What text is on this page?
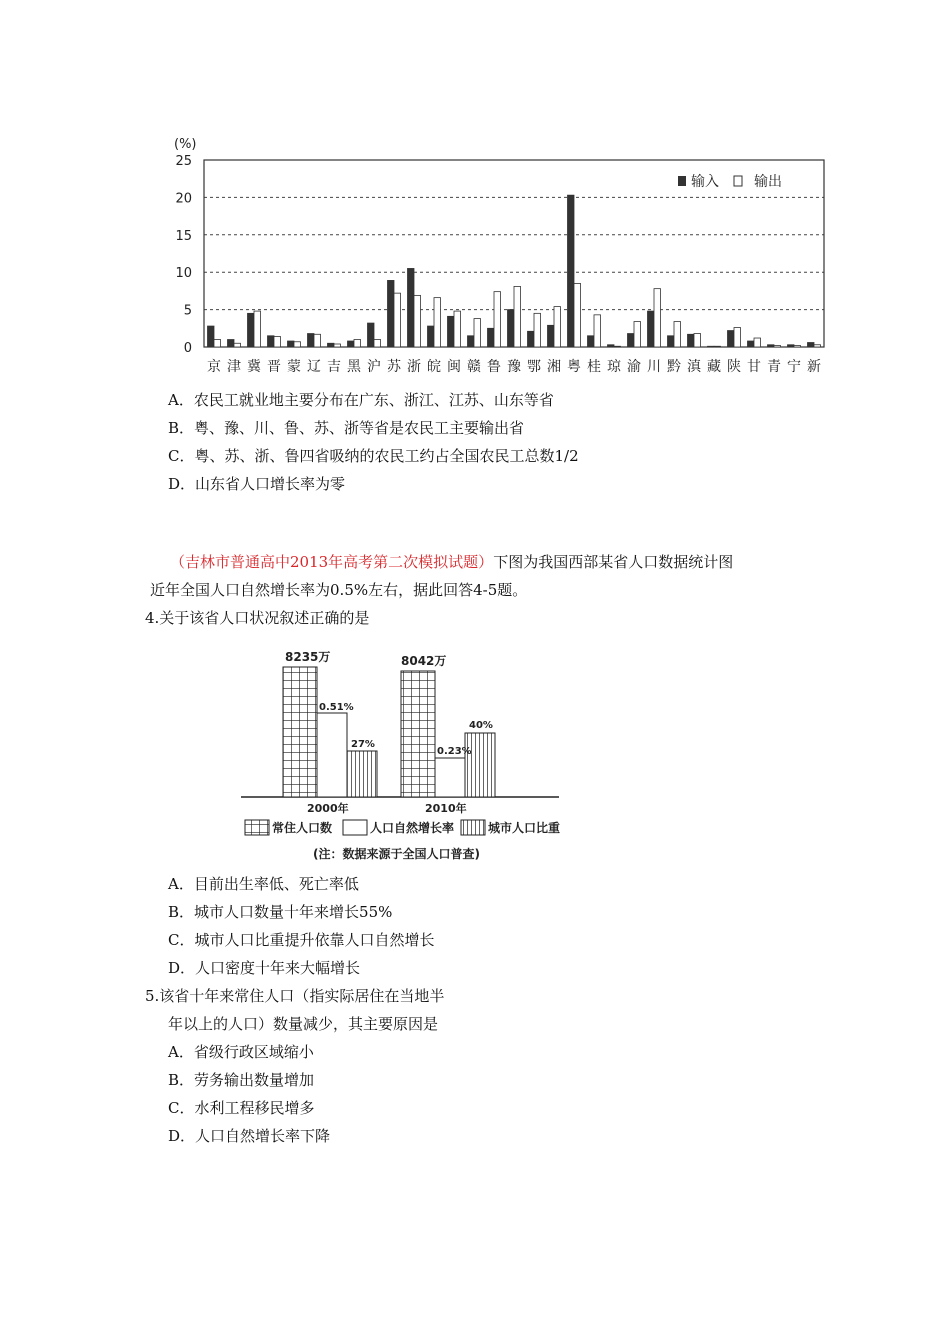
(%)
0
5
10
15
20
25
京 津 冀 晋 蒙 辽 吉 黑 沪 苏 浙 皖 闽 赣 鲁 豫 鄂 湘 粤 桂 琼 渝 川 黔 滇 藏 陕 甘 青 宁 新
输入	输出
A．农民工就业地主要分布在广东、浙江、江苏、山东等省
B．粤、豫、川、鲁、苏、浙等省是农民工主要输出省
C．粤、苏、浙、鲁四省吸纳的农民工约占全国农民工总数1/2
D．山东省人口增长率为零
（吉林市普通高中2013年高考第二次模拟试题）下图为我国西部某省人口数据统计图
近年全国人口自然增长率为0.5%左右，据此回答4-5题。
4.关于该省人口状况叙述正确的是
8235万
0.51%
27%
2000年
8042万
0.23%
40%
2010年
常住人口数	人口自然增长率	城市人口比重
(注：数据来源于全国人口普查)
A．目前出生率低、死亡率低
B．城市人口数量十年来增长55%
C．城市人口比重提升依靠人口自然增长
D．人口密度十年来大幅增长
5.该省十年来常住人口（指实际居住在当地半
年以上的人口）数量减少，其主要原因是
A．省级行政区域缩小
B．劳务输出数量增加
C．水利工程移民增多
D．人口自然增长率下降
